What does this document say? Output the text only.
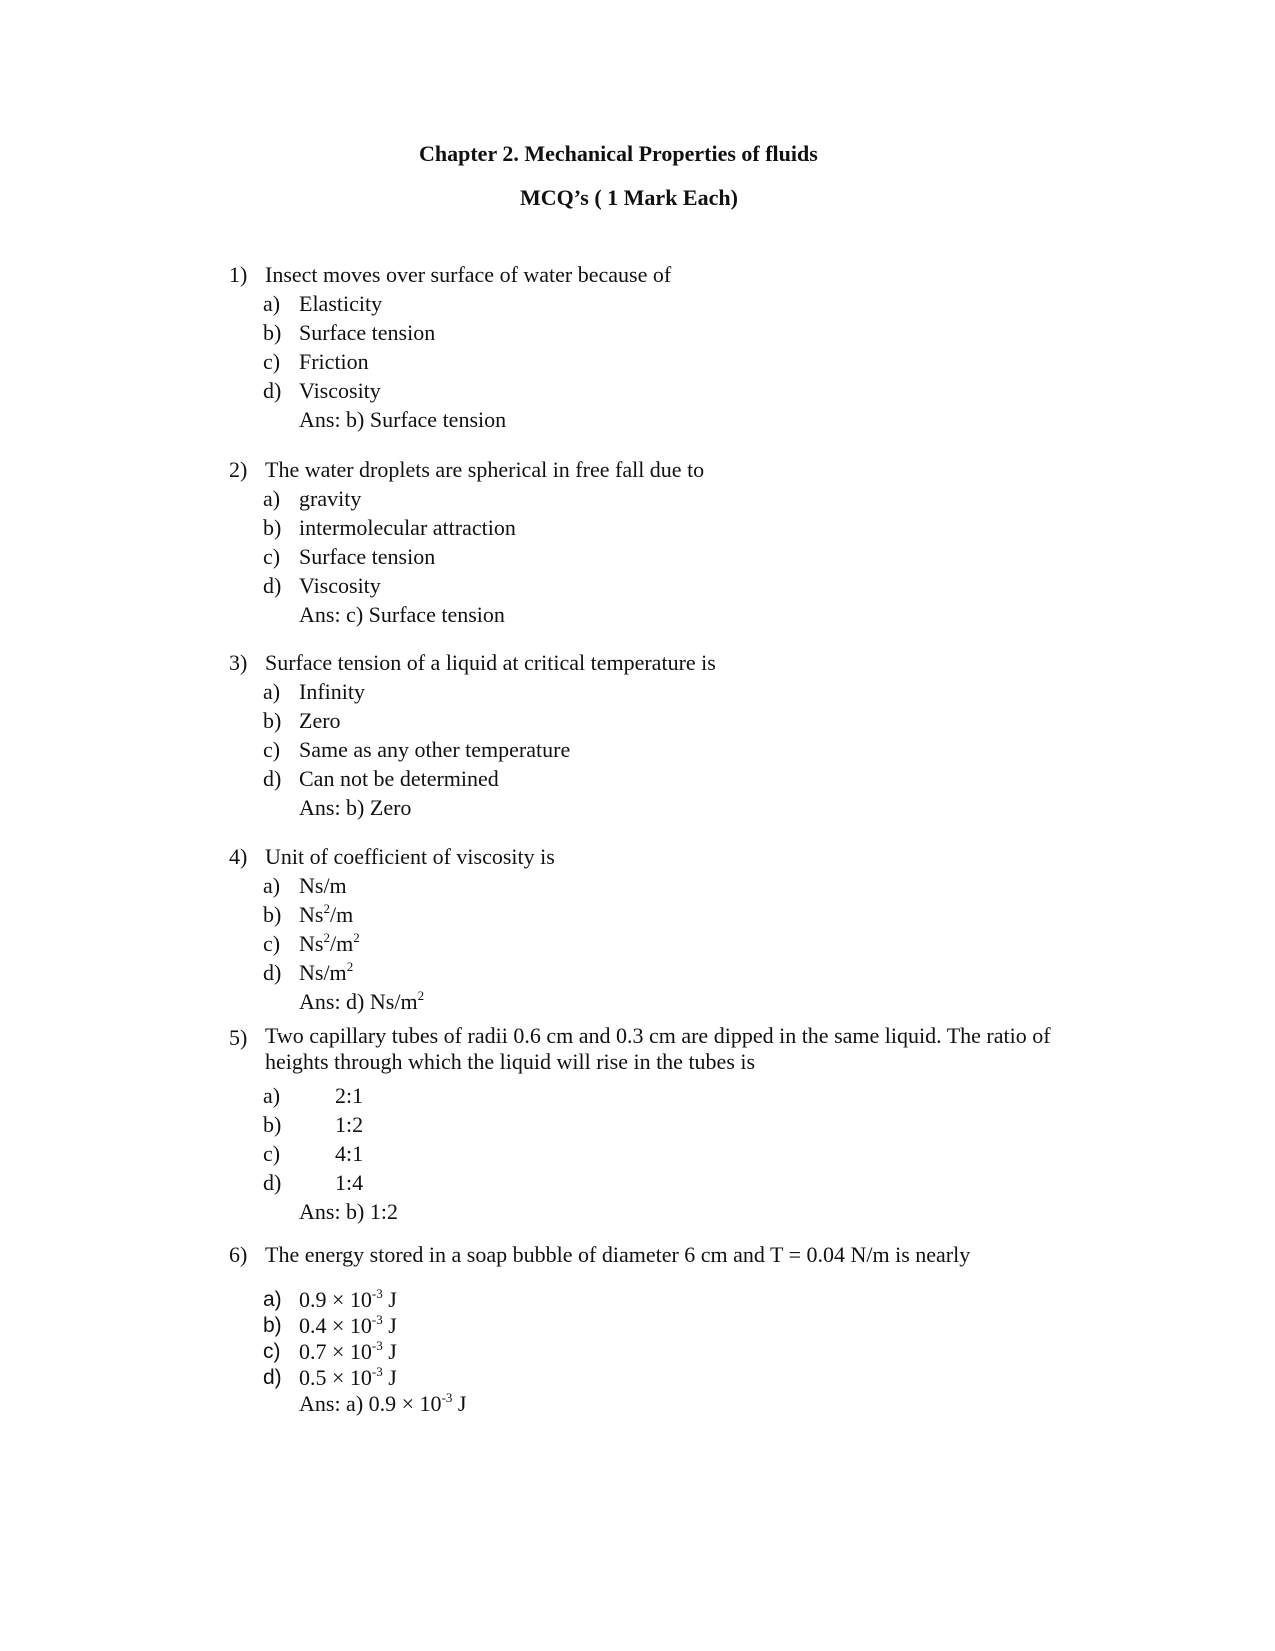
Chapter 2. Mechanical Properties of fluids
MCQ’s ( 1 Mark Each)
1) Insect moves over surface of water because of
a) Elasticity
b) Surface tension
c) Friction
d) Viscosity
Ans: b) Surface tension
2) The water droplets are spherical in free fall due to
a) gravity
b) intermolecular attraction
c) Surface tension
d) Viscosity
Ans: c) Surface tension
3) Surface tension of a liquid at critical temperature is
a) Infinity
b) Zero
c) Same as any other temperature
d) Can not be determined
Ans: b) Zero
4) Unit of coefficient of viscosity is
a) Ns/m
b) Ns$^2$/m
c) $Ns^2/m^2$
d) $Ns/m^2$
Ans: d) $Ns/m^2$
5) Two capillary tubes of radii 0.6 cm and 0.3 cm are dipped in the same liquid. The ratio of heights through which the liquid will rise in the tubes is
a) 2:1
b) 1:2
c) 4:1
d) 1:4
Ans: b) 1:2
6) The energy stored in a soap bubble of diameter 6 cm and T = 0.04 N/m is nearly
a) $0.9 \times 10^{-3}$ J
b) $0.4 \times 10^{-3}$ J
c) $0.7 \times 10^{-3}$ J
d) $0.5 \times 10^{-3}$ J
Ans: a) $0.9 \times 10^{-3}$ J
